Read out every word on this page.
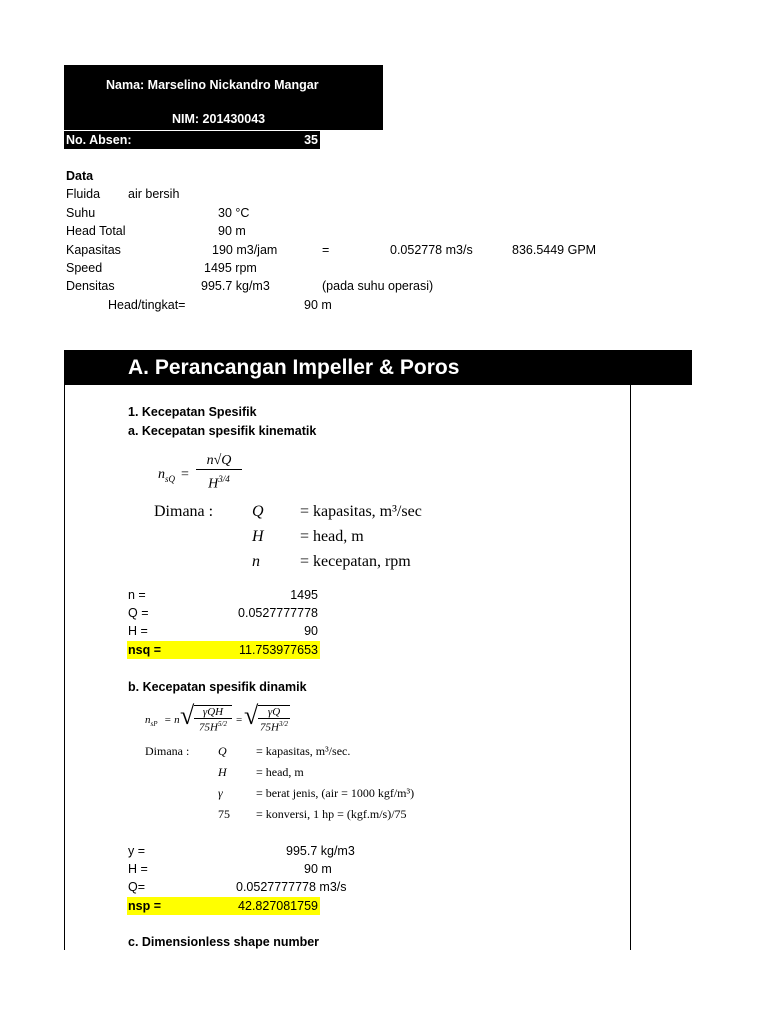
Nama: Marselino Nickandro Mangar
NIM: 201430043
No. Absen:	35
Data
Fluida air bersih
Suhu	30 °C
Head Total	90 m
Kapasitas	190 m3/jam	=	0.052778 m3/s	836.5449 GPM
Speed	1495 rpm
Densitas	995.7 kg/m3	(pada suhu operasi)
Head/tingkat=	90 m
A. Perancangan Impeller & Poros
1. Kecepatan Spesifik
a. Kecepatan spesifik kinematik
$n_{sQ}$ =
n√Q
$H^{3/4}$
Dimana : Q = kapasitas, m³/sec
H = head, m
n	= kecepatan, rpm
n =	1495
Q =	0.0527777778
H =	90
nsq =	11.753977653
b. Kecepatan spesifik dinamik
$n_{sP} = n$ √ γQH
$75H^{5/2}$ = √ γQ
$75H^{3/2}$
Dimana : Q = kapasitas, m³/sec.
H = head, m
γ	= berat jenis, (air = 1000 kgf/m³)
75 = konversi, 1 hp = (kgf.m/s)/75
y =	995.7 kg/m3
H =	90 m
Q=	0.0527777778 m3/s
nsp =	42.827081759
c. Dimensionless shape number
